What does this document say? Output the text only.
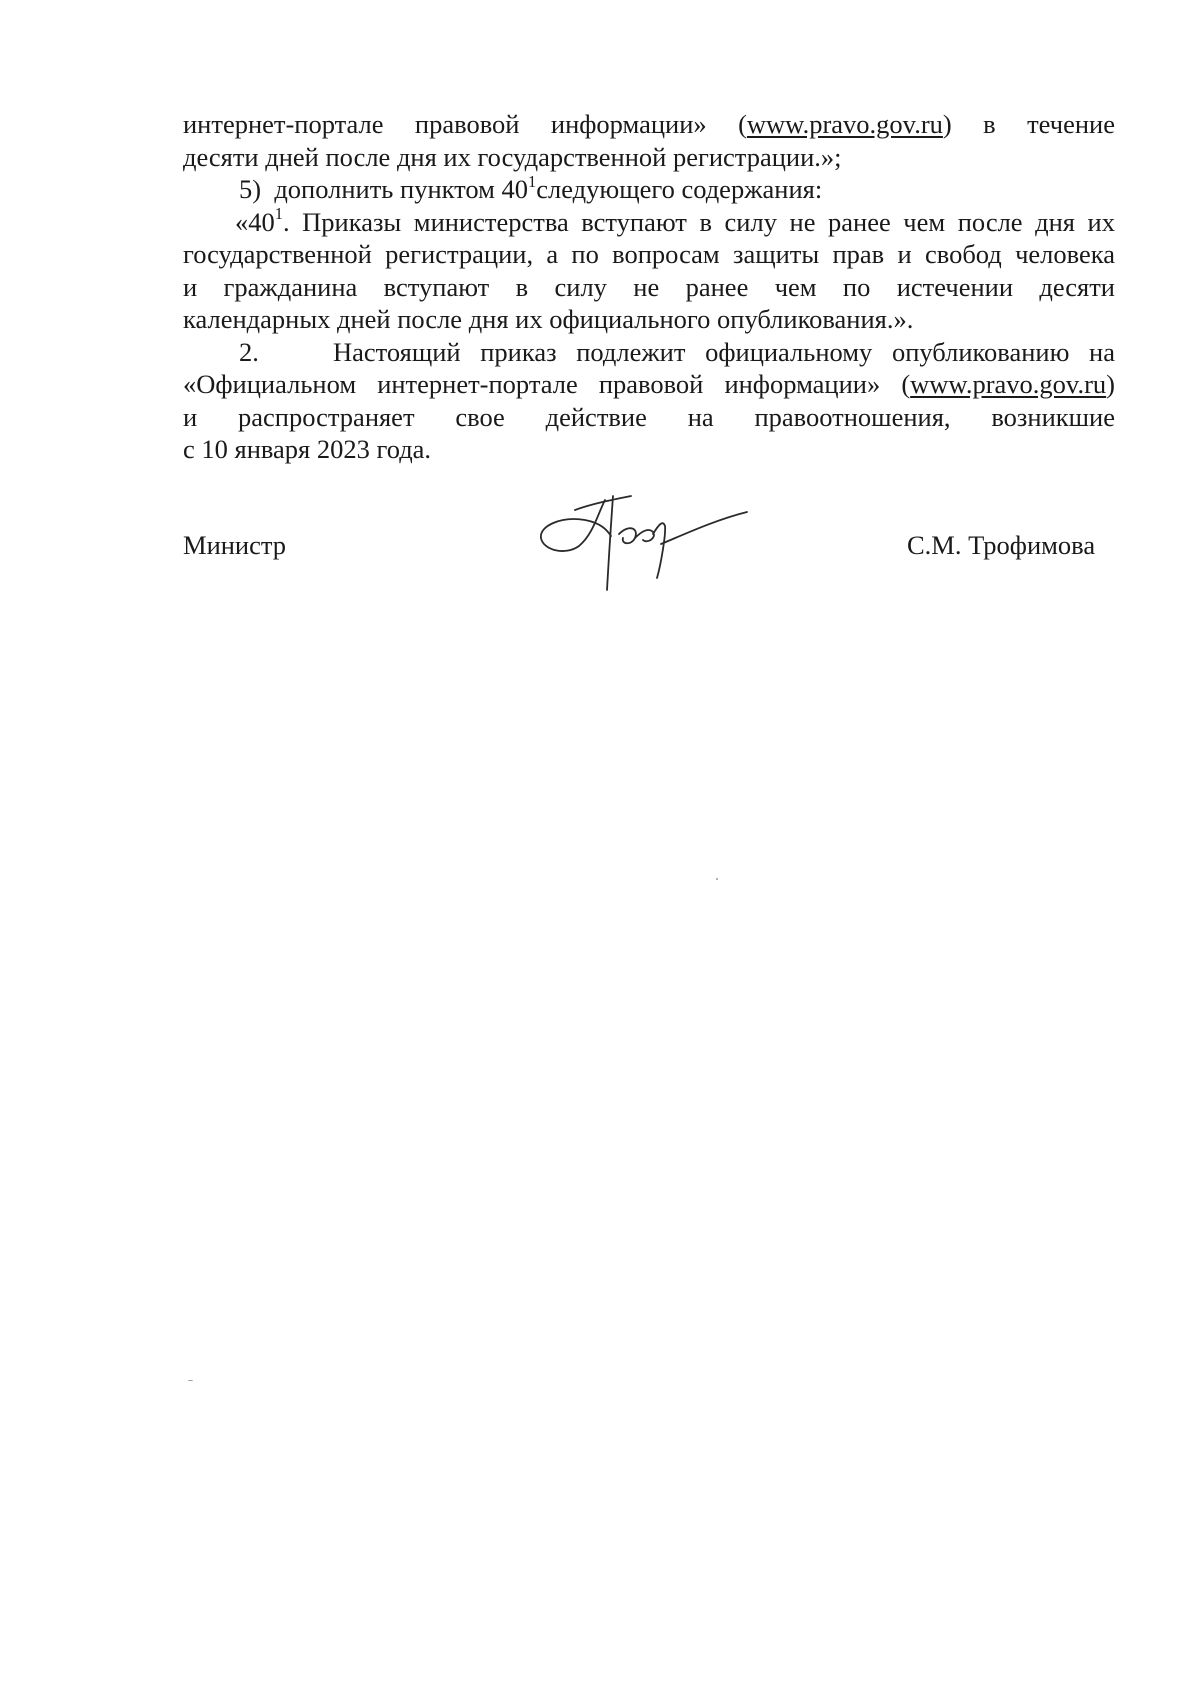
интернет-портале правовой информации» (www.pravo.gov.ru) в течение
десяти дней после дня их государственной регистрации.»;
5) дополнить пунктом $40^1следующего$ содержания:
«$40^1$. Приказы министерства вступают в силу не ранее чем после дня их
государственной регистрации, а по вопросам защиты прав и свобод человека
и гражданина вступают в силу не ранее чем по истечении десяти
календарных дней после дня их официального опубликования.».
2.	Настоящий приказ подлежит официальному опубликованию на
«Официальном интернет-портале правовой информации» (www.pravo.gov.ru)
и распространяет свое действие на правоотношения, возникшие
с 10 января 2023 года.
Министр	С.М. Трофимова
